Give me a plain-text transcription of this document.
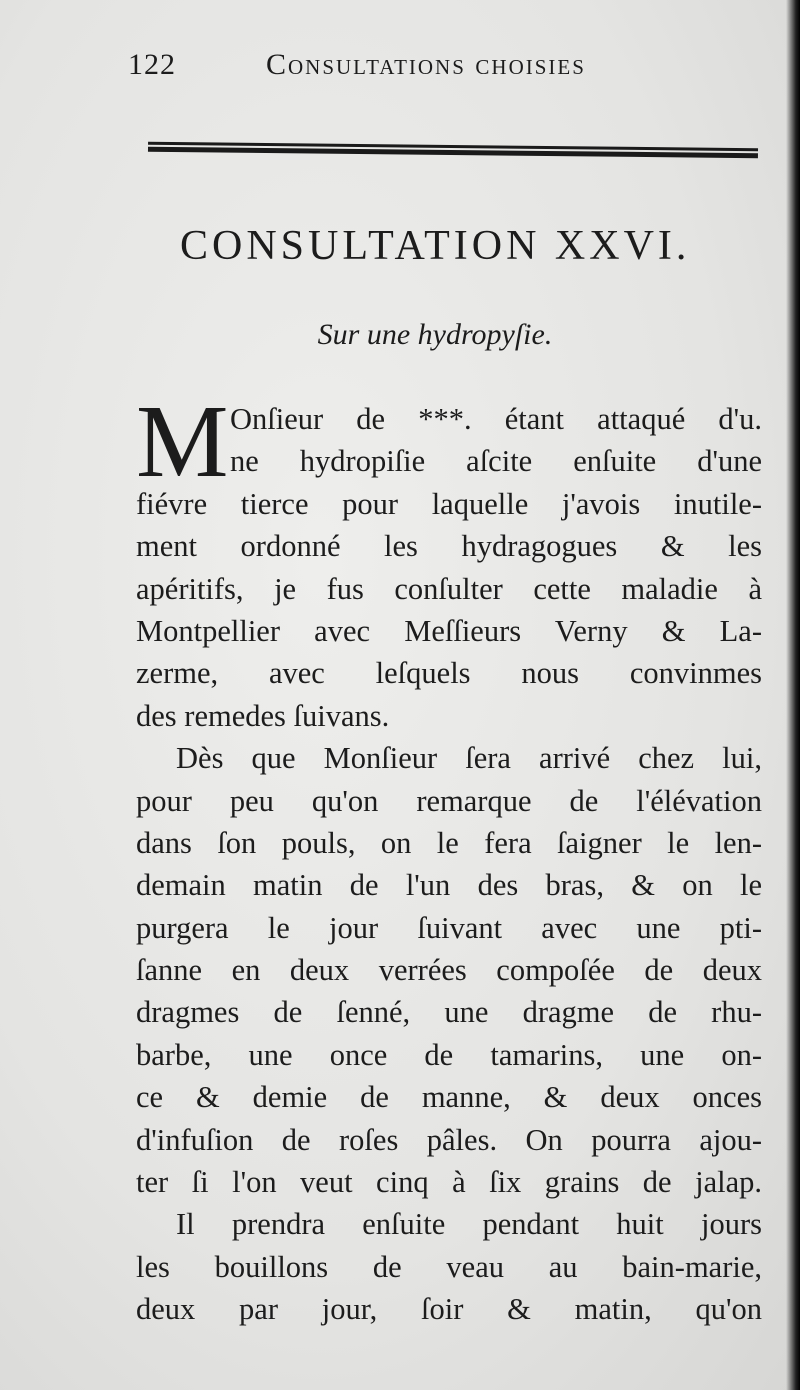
122	Consultations choisies
CONSULTATION XXVI.
Sur une hydropyſie.
M Onſieur de ***. étant attaqué d'u.
ne hydropiſie aſcite enſuite d'une
fiévre tierce pour laquelle j'avois inutile-
ment ordonné les hydragogues & les
apéritifs, je fus conſulter cette maladie à
Montpellier avec Meſſieurs Verny & La-
zerme, avec leſquels nous convinmes
des remedes ſuivans.
Dès que Monſieur ſera arrivé chez lui,
pour peu qu'on remarque de l'élévation
dans ſon pouls, on le fera ſaigner le len-
demain matin de l'un des bras, & on le
purgera le jour ſuivant avec une pti-
ſanne en deux verrées compoſée de deux
dragmes de ſenné, une dragme de rhu-
barbe, une once de tamarins, une on-
ce & demie de manne, & deux onces
d'infuſion de roſes pâles. On pourra ajou-
ter ſi l'on veut cinq à ſix grains de jalap.
Il prendra enſuite pendant huit jours
les bouillons de veau au bain-marie,
deux par jour, ſoir & matin, qu'on
